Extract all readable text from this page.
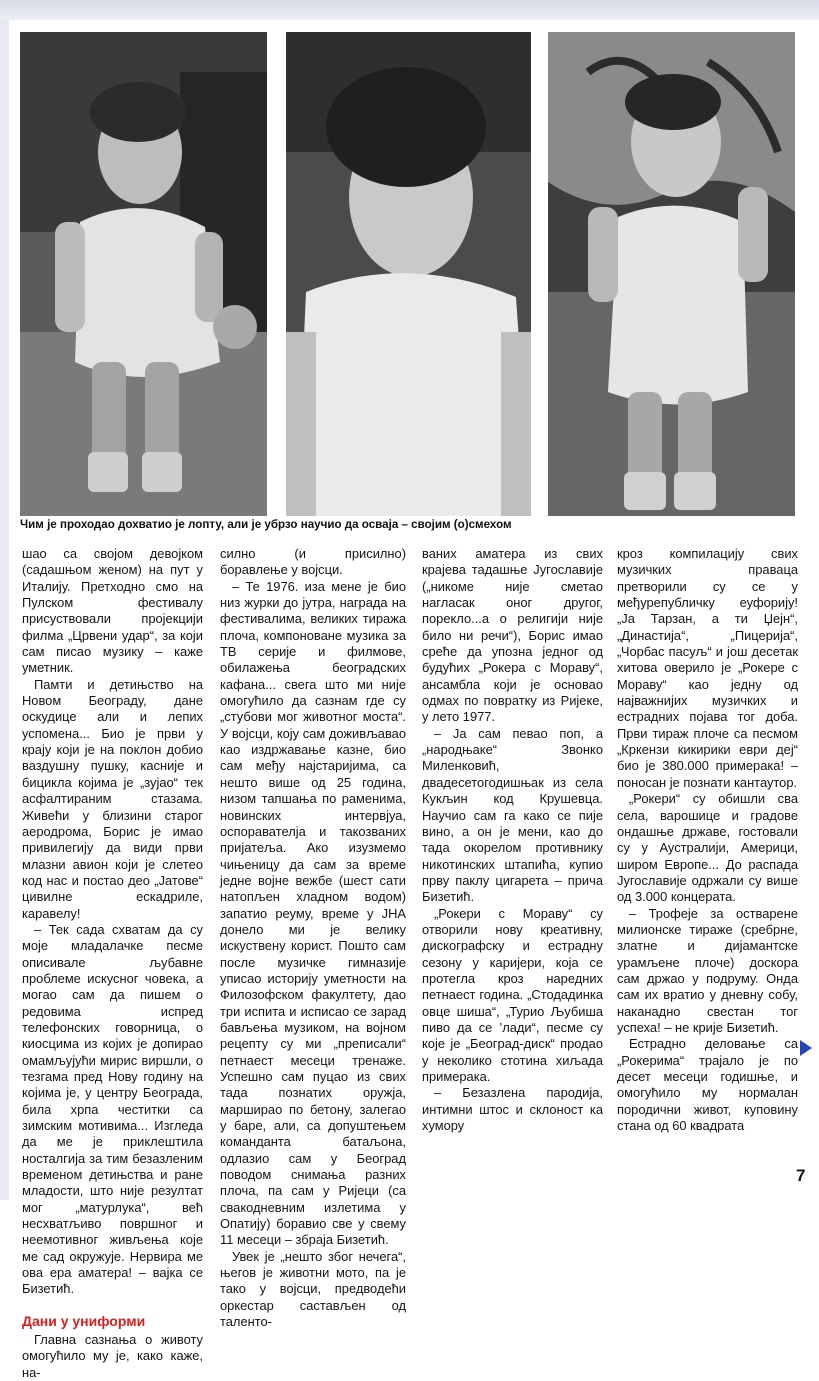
Чим је проходао дохватио је лопту, али је убрзо научио да осваја – својим (о)смехом

шао са својом девојком (садашњом женом) на пут у Италију. Претходно смо на Пулском фестивалу присуствовали пројекцији филма „Црвени удар“, за који сам писао музику – каже уметник.

Памти и детињство на Новом Београду, дане оскудице али и лепих успомена... Био је први у крају који је на поклон добио ваздушну пушку, касније и бициклa којима је „зујао“ тек асфалтираним стазама. Живећи у близини старог аеродрома, Борис је имао привилегију да види први млазни авион који је слетео код нас и постао део „Јатове“ цивилне ескадриле, каравелу!

– Тек сада схватам да су моје младалачке песме описивале љубавне проблеме искусног човека, а могао сам да пишем о редовима испред телефонских говорница, о киосцима из којих је допирао омамљујући мирис виршли, о тезгама пред Нову годину на којима је, у центру Београда, била хрпа честитки са зимским мотивима... Изгледа да ме је приклештила носталгија за тим безазленим временом детињства и ране младости, што није резултат мог „матурлука“, већ несхватљиво површног и неемотивног живљења које ме сад окружује. Нервира ме ова ера аматера! – вајка се Бизетић.

Дани у униформи

Главна сазнања о животу омогућило му је, како каже, на-

силно (и присилно) боравлење у војсци.

– Те 1976. иза мене је био низ журки до јутра, награда на фестивалима, великих тиража плоча, компоноване музика за ТВ серије и филмове, обилажења београдских кафана... свега што ми није омогућило да сазнам где су „стубови мог животног моста“. У војсци, коју сам доживљавао као издржавање казне, био сам међу најстаријима, са нешто више од 25 година, низом тапшања по раменима, новинских интервјуа, оспоравателја и такозваних пријатеља. Ако изузмемо чињеницу да сам за време једне војне вежбе (шест сати натопљен хладном водом) запатио реуму, време у ЈНА донело ми је велику искуствену корист. Пошто сам после музичке гимназије уписао историју уметности на Филозофском факултету, дао три испита и исписао се зарад бављења музиком, на војном рецепту су ми „преписали“ петнаест месеци тренаже. Успешно сам пуцао из свих тада познатих оружја, марширао по бетону, залегао у баре, али, са допуштењем команданта батаљона, одлазио сам у Београд поводом снимања разних плоча, па сам у Ријеци (са свакодневним излетима у Опатију) боравио све у свему 11 месеци – збраја Бизетић.

Увек је „нешто због нечега“, његов је животни мото, па је тако у војсци, предводећи оркестар састављен од таленто-

ваних аматера из свих крајева тадашње Југославије („никоме није сметао нагласак оног другог, порекло...а о религији није било ни речи“), Борис имао среће да упозна једног од будућих „Рокера с Мораву“, ансамбла који је основао одмах по повратку из Ријеке, у лето 1977.

– Ја сам певао поп, а „народњаке“ Звонко Миленковић, двадесетогодишњак из села Кукљин код Крушевца. Научио сам га како се пије вино, а он је мени, као до тада окорелом противнику никотинских штапића, купио прву паклу цигарета – прича Бизетић.

„Рокери с Мораву“ су отворили нову креативну, дискографску и естрадну сезону у каријери, која се протегла кроз наредних петнаест година. „Стодадинка овце шиша“, „Турио Љубиша пиво да се ’лади“, песме су које је „Београд-диск“ продао у неколико стотина хиљада примерака.

– Безазлена пародија, интимни штос и склоност ка хумору

кроз компилацију свих музичких праваца претворили су се у међурепубличку еуфорију! „Ја Тарзан, а ти Џејн“, „Династија“, „Пицерија“, „Чорбас пасуљ“ и још десетак хитова оверило је „Рокере с Мораву“ као једну од најважнијих музичких и естрадних појава тог доба. Први тираж плоче са песмом „Кркензи кикирики еври деј“ био је 380.000 примерака! – поносан је познати кантаутор.

„Рокери“ су обишли сва села, варошице и градове ондашње државе, гостовали су у Аустралији, Америци, широм Европе... До распада Југославије одржали су више од 3.000 концерата.

– Трофеје за остварене милионске тираже (сребрне, златне и дијамантске урамљене плоче) доскора сам држао у подруму. Онда сам их вратио у дневну собу, наканадно свестан тог успеха! – не крије Бизетић.

Естрадно деловање са „Рокерима“ трајало је по десет месеци годишње, и омогућило му нормалан породични живот, куповину стана од 60 квадрата

7
